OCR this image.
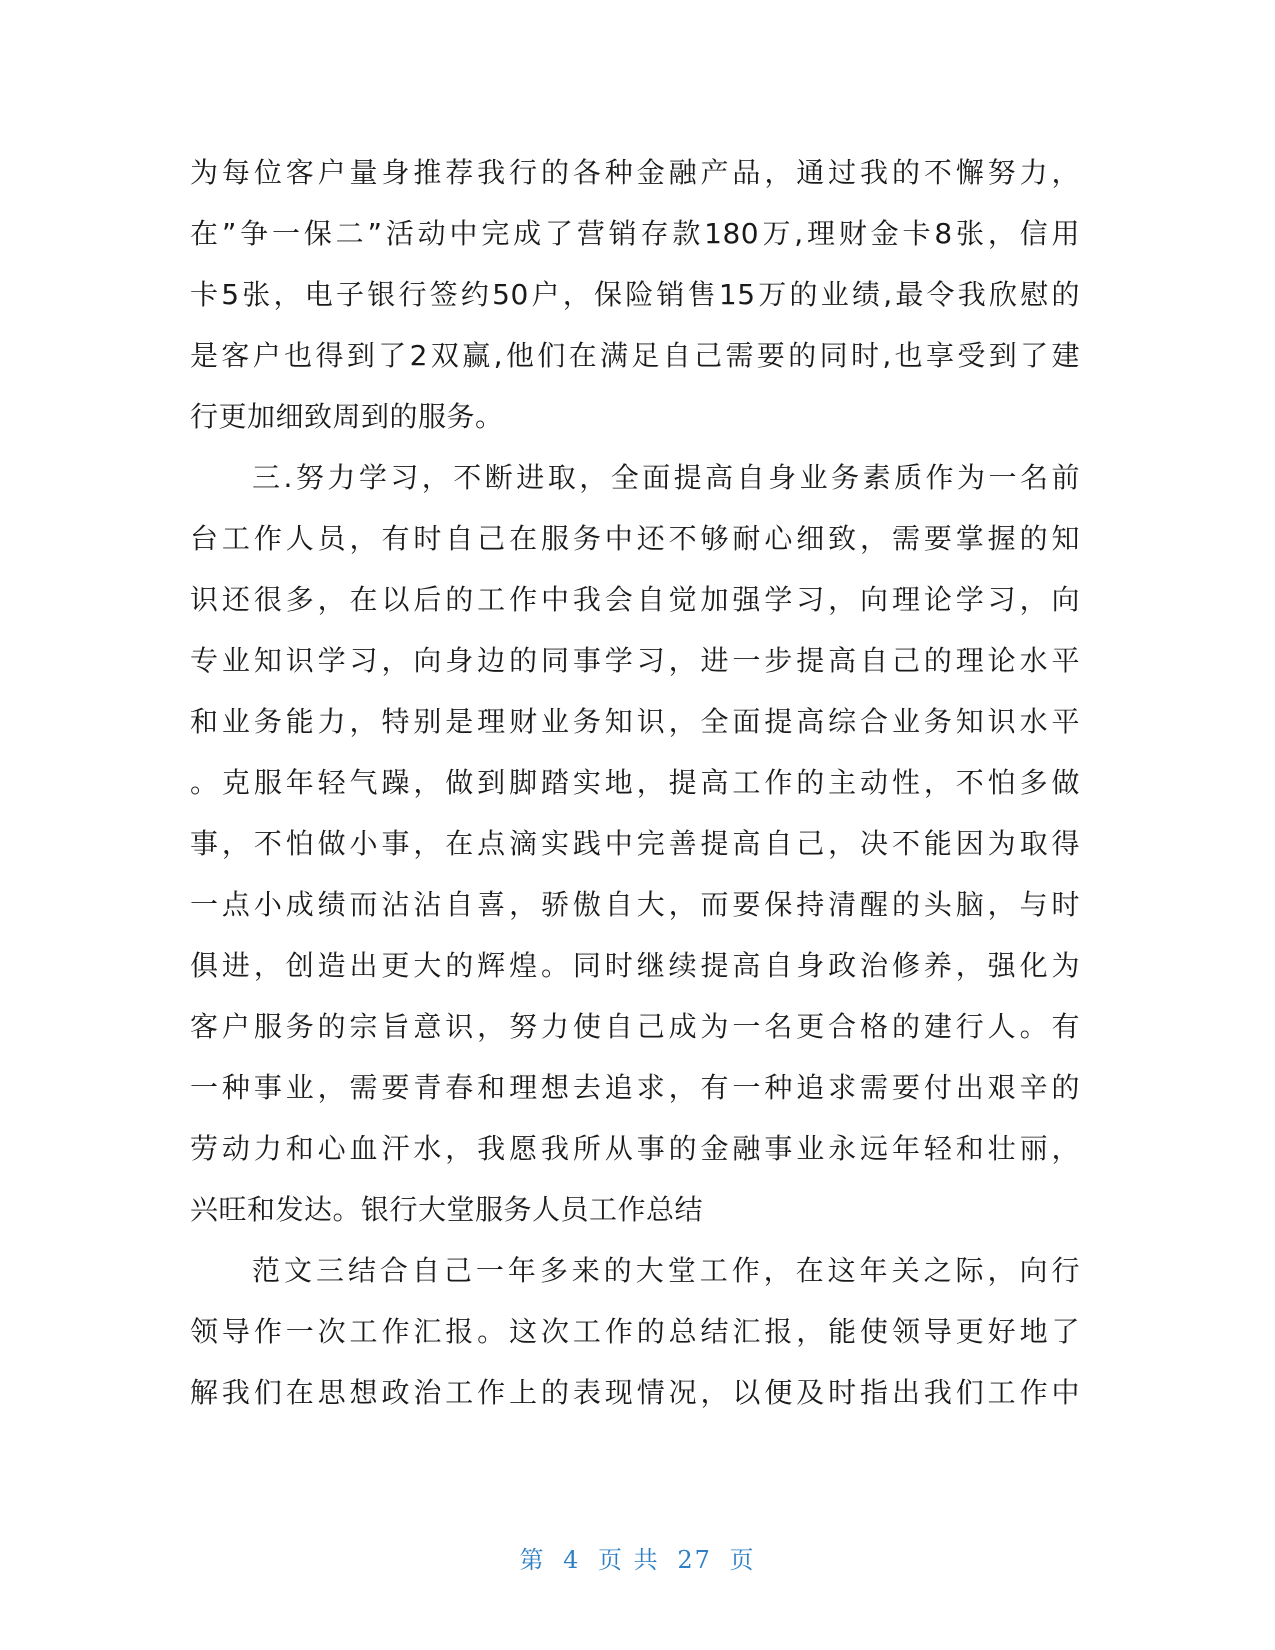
为每位客户量身推荐我行的各种金融产品，通过我的不懈努力，
在”争一保二”活动中完成了营销存款180万,理财金卡8张，信用
卡5张，电子银行签约50户，保险销售15万的业绩,最令我欣慰的
是客户也得到了2双赢,他们在满足自己需要的同时,也享受到了建
行更加细致周到的服务。
三.努力学习，不断进取，全面提高自身业务素质作为一名前
台工作人员，有时自己在服务中还不够耐心细致，需要掌握的知
识还很多，在以后的工作中我会自觉加强学习，向理论学习，向
专业知识学习，向身边的同事学习，进一步提高自己的理论水平
和业务能力，特别是理财业务知识，全面提高综合业务知识水平
。克服年轻气躁，做到脚踏实地，提高工作的主动性，不怕多做
事，不怕做小事，在点滴实践中完善提高自己，决不能因为取得
一点小成绩而沾沾自喜，骄傲自大，而要保持清醒的头脑，与时
俱进，创造出更大的辉煌。同时继续提高自身政治修养，强化为
客户服务的宗旨意识，努力使自己成为一名更合格的建行人。有
一种事业，需要青春和理想去追求，有一种追求需要付出艰辛的
劳动力和心血汗水，我愿我所从事的金融事业永远年轻和壮丽，
兴旺和发达。银行大堂服务人员工作总结
范文三结合自己一年多来的大堂工作，在这年关之际，向行
领导作一次工作汇报。这次工作的总结汇报，能使领导更好地了
解我们在思想政治工作上的表现情况，以便及时指出我们工作中
第 4 页 共 27 页
